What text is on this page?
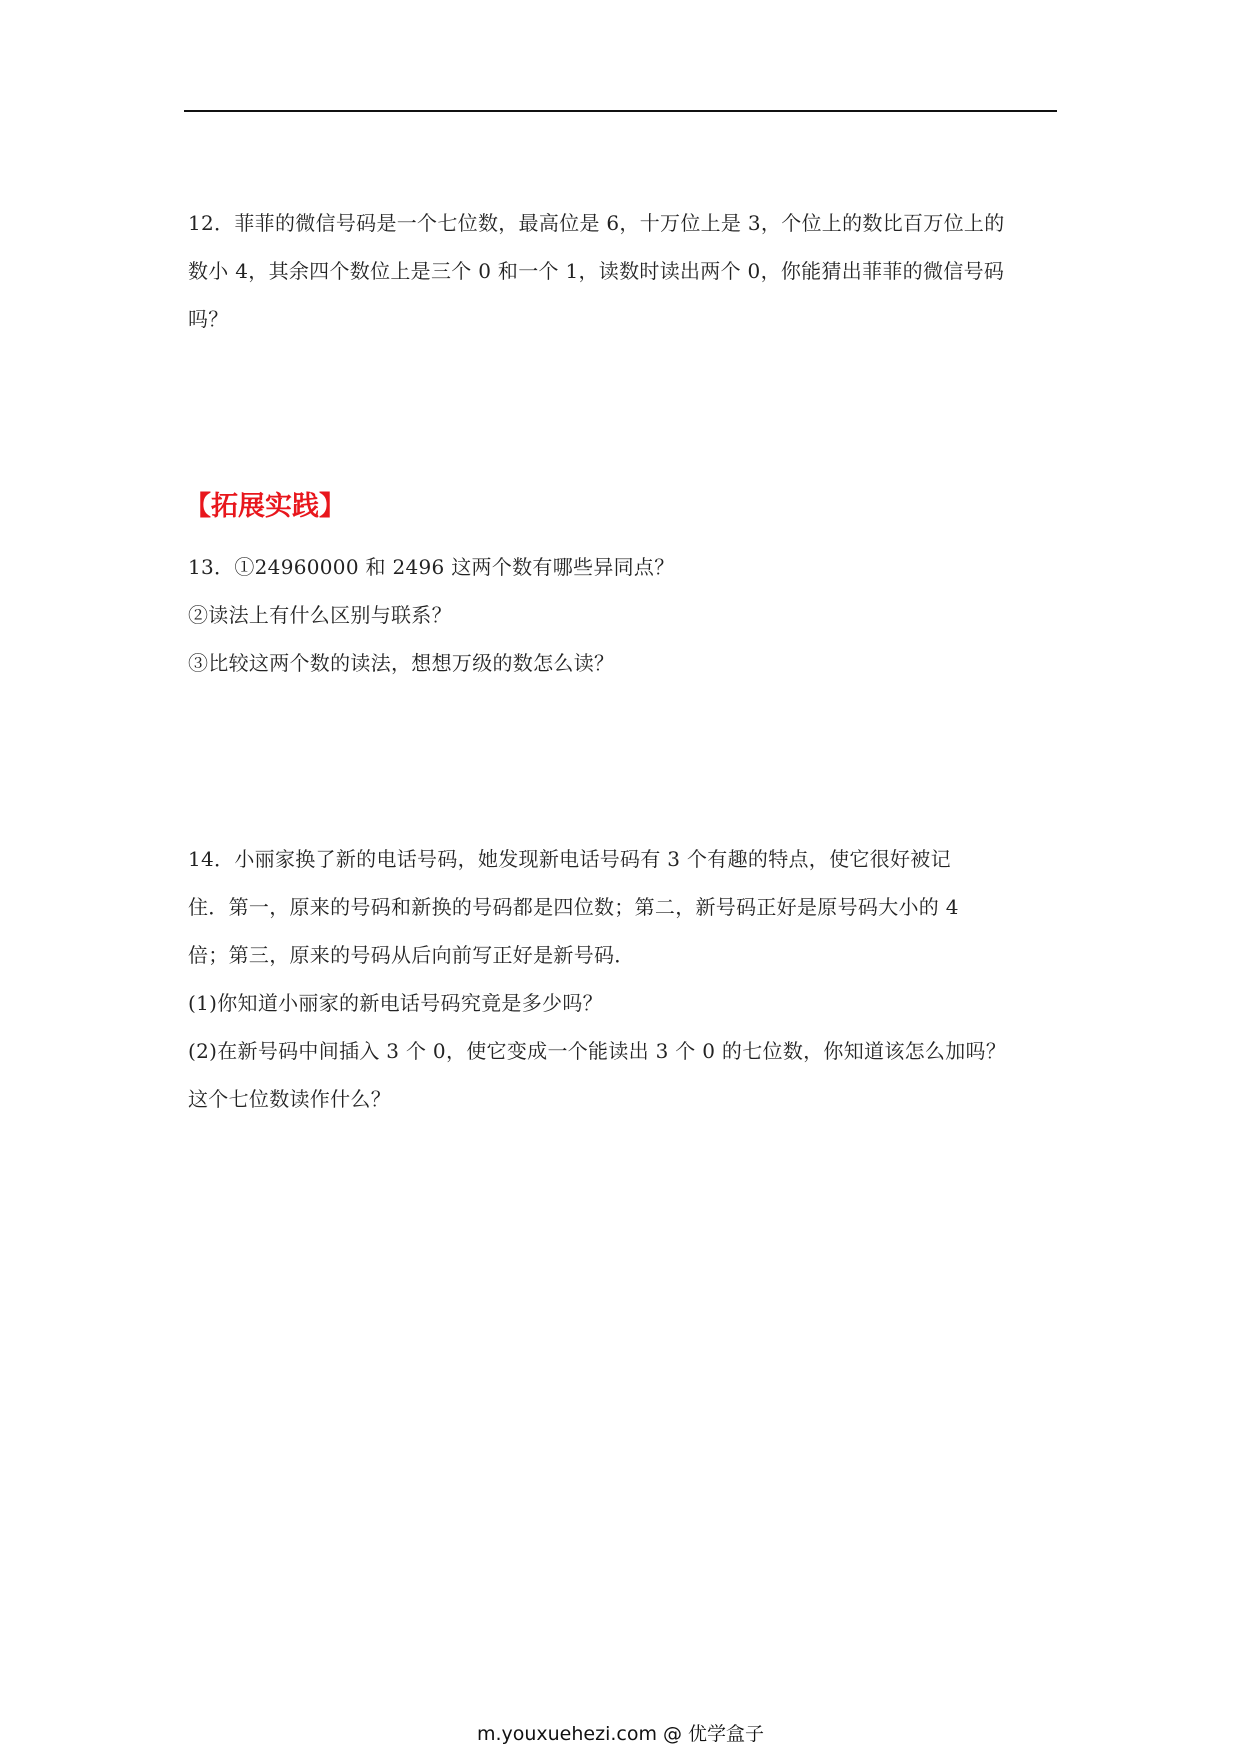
12．菲菲的微信号码是一个七位数，最高位是 6，十万位上是 3，个位上的数比百万位上的
数小 4，其余四个数位上是三个 0 和一个 1，读数时读出两个 0，你能猜出菲菲的微信号码
吗？
【拓展实践】
13．①24960000 和 2496 这两个数有哪些异同点？
②读法上有什么区别与联系？
③比较这两个数的读法，想想万级的数怎么读？
14．小丽家换了新的电话号码，她发现新电话号码有 3 个有趣的特点，使它很好被记
住．第一，原来的号码和新换的号码都是四位数；第二，新号码正好是原号码大小的 4
倍；第三，原来的号码从后向前写正好是新号码．
(1)你知道小丽家的新电话号码究竟是多少吗？
(2)在新号码中间插入 3 个 0，使它变成一个能读出 3 个 0 的七位数，你知道该怎么加吗？
这个七位数读作什么？
m.youxuehezi.com @ 优学盒子
